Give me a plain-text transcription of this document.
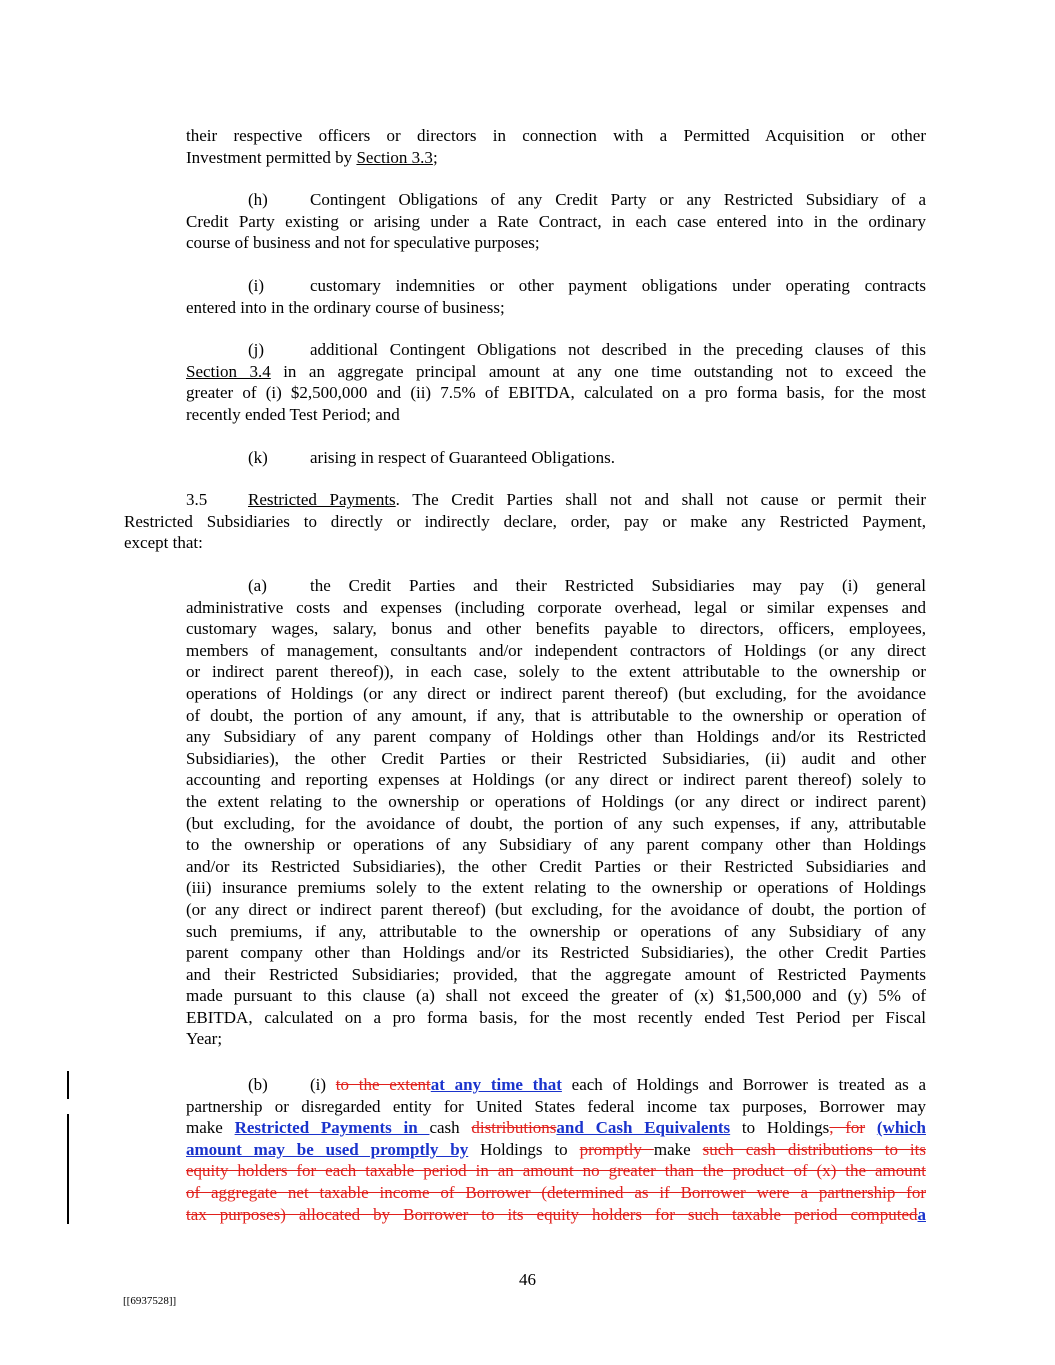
their respective officers or directors in connection with a Permitted Acquisition or other
Investment permitted by Section 3.3;
(h) Contingent Obligations of any Credit Party or any Restricted Subsidiary of a
Credit Party existing or arising under a Rate Contract, in each case entered into in the ordinary
course of business and not for speculative purposes;
(i)	customary indemnities or other payment obligations under operating contracts
entered into in the ordinary course of business;
(j)	additional Contingent Obligations not described in the preceding clauses of this
Section 3.4 in an aggregate principal amount at any one time outstanding not to exceed the
greater of (i) $2,500,000 and (ii) 7.5% of EBITDA, calculated on a pro forma basis, for the most
recently ended Test Period; and
(k) arising in respect of Guaranteed Obligations.
3.5 Restricted Payments. The Credit Parties shall not and shall not cause or permit their
Restricted Subsidiaries to directly or indirectly declare, order, pay or make any Restricted Payment,
except that:
(a)	the Credit Parties and their Restricted Subsidiaries may pay (i) general
administrative costs and expenses (including corporate overhead, legal or similar expenses and
customary wages, salary, bonus and other benefits payable to directors, officers, employees,
members of management, consultants and/or independent contractors of Holdings (or any direct
or indirect parent thereof)), in each case, solely to the extent attributable to the ownership or
operations of Holdings (or any direct or indirect parent thereof) (but excluding, for the avoidance
of doubt, the portion of any amount, if any, that is attributable to the ownership or operation of
any Subsidiary of any parent company of Holdings other than Holdings and/or its Restricted
Subsidiaries), the other Credit Parties or their Restricted Subsidiaries, (ii) audit and other
accounting and reporting expenses at Holdings (or any direct or indirect parent thereof) solely to
the extent relating to the ownership or operations of Holdings (or any direct or indirect parent)
(but excluding, for the avoidance of doubt, the portion of any such expenses, if any, attributable
to the ownership or operations of any Subsidiary of any parent company other than Holdings
and/or its Restricted Subsidiaries), the other Credit Parties or their Restricted Subsidiaries and
(iii) insurance premiums solely to the extent relating to the ownership or operations of Holdings
(or any direct or indirect parent thereof) (but excluding, for the avoidance of doubt, the portion of
such premiums, if any, attributable to the ownership or operations of any Subsidiary of any
parent company other than Holdings and/or its Restricted Subsidiaries), the other Credit Parties
and their Restricted Subsidiaries; provided, that the aggregate amount of Restricted Payments
made pursuant to this clause (a) shall not exceed the greater of (x) $1,500,000 and (y) 5% of
EBITDA, calculated on a pro forma basis, for the most recently ended Test Period per Fiscal
Year;
(b) (i) to the extentat any time that each of Holdings and Borrower is treated as a
partnership or disregarded entity for United States federal income tax purposes, Borrower may
make Restricted Payments in cash distributionsand Cash Equivalents to Holdings, for (which
amount may be used promptly by Holdings to promptly make such cash distributions to its
equity holders for each taxable period in an amount no greater than the product of (x) the amount
of aggregate net taxable income of Borrower (determined as if Borrower were a partnership for
tax purposes) allocated by Borrower to its equity holders for such taxable period computeda
46
[[6937528]]
